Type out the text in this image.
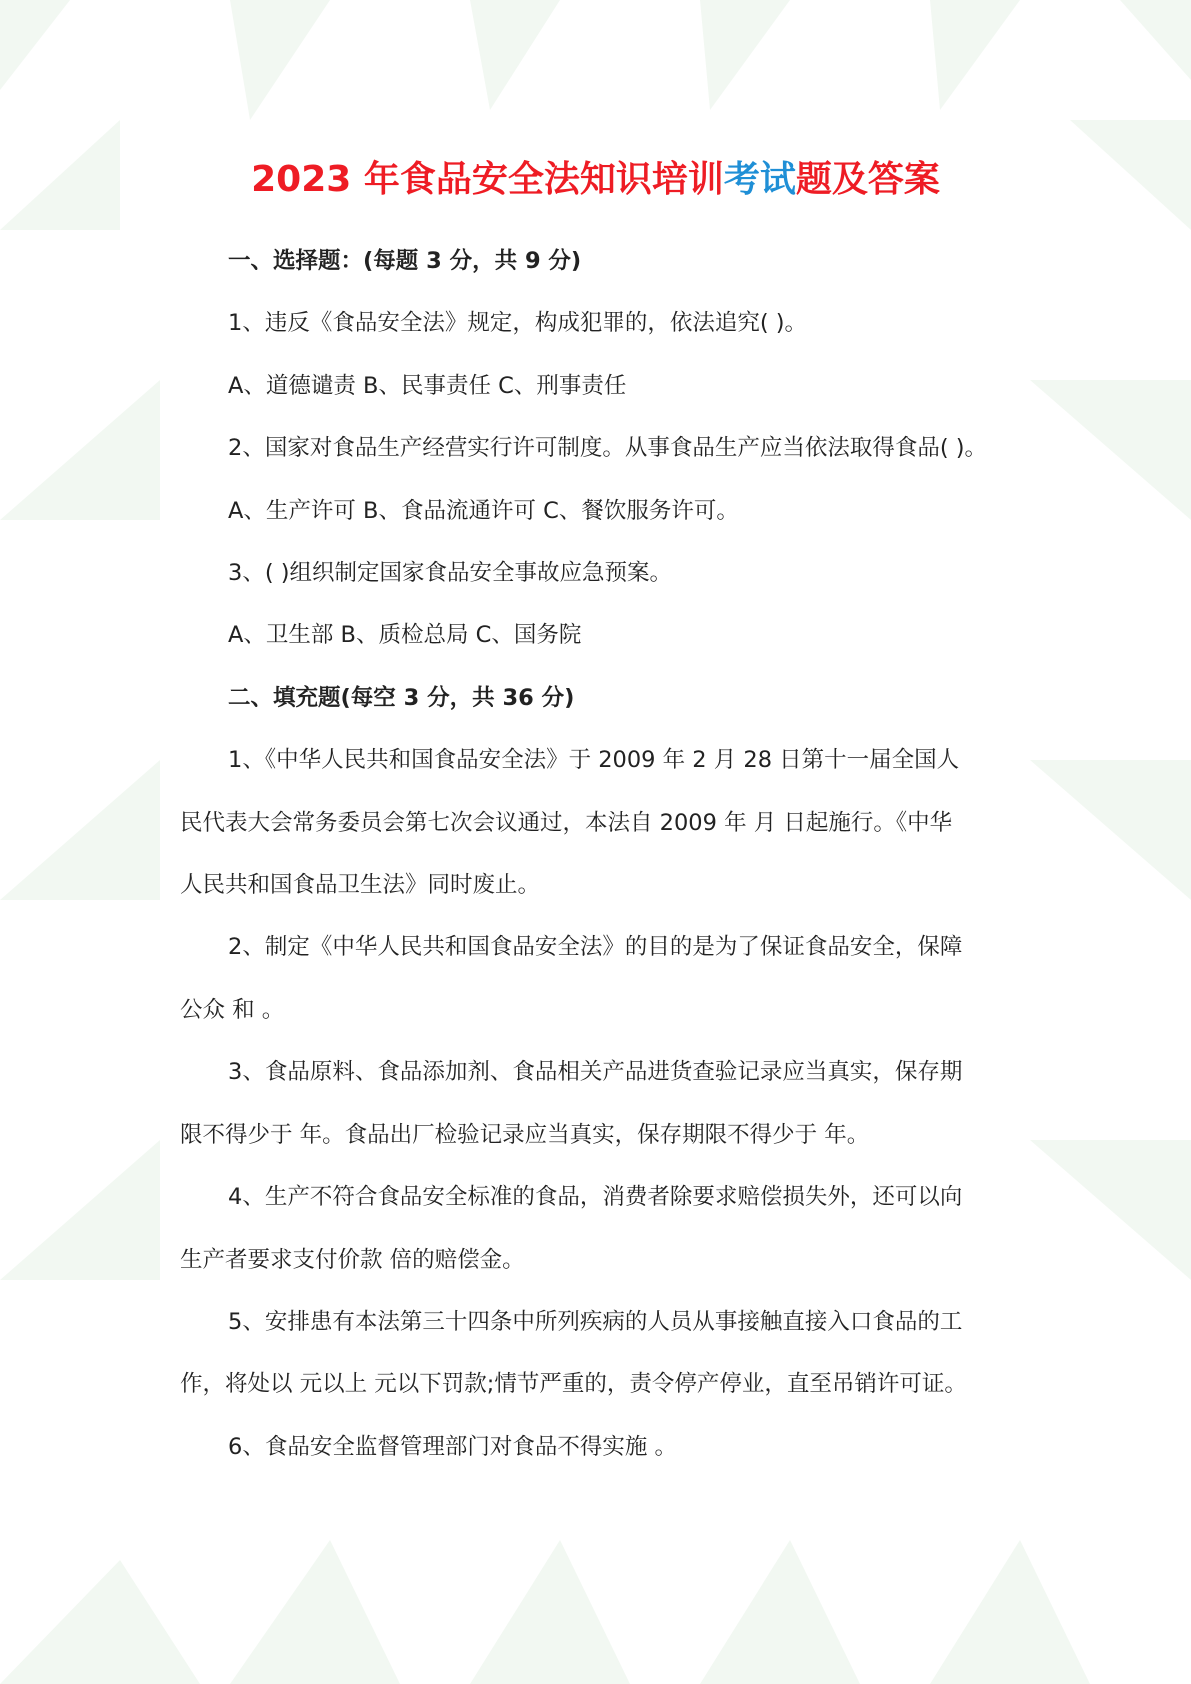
2023 年食品安全法知识培训考试题及答案

一、选择题：(每题 3 分，共 9 分)

1、违反《食品安全法》规定，构成犯罪的，依法追究( )。

A、道德谴责 B、民事责任 C、刑事责任

2、国家对食品生产经营实行许可制度。从事食品生产应当依法取得食品( )。

A、生产许可 B、食品流通许可 C、餐饮服务许可。

3、( )组织制定国家食品安全事故应急预案。

A、卫生部 B、质检总局 C、国务院

二、填充题(每空 3 分，共 36 分)

1、《中华人民共和国食品安全法》于 2009 年 2 月 28 日第十一届全国人

民代表大会常务委员会第七次会议通过，本法自 2009 年 月 日起施行。《中华

人民共和国食品卫生法》同时废止。

2、制定《中华人民共和国食品安全法》的目的是为了保证食品安全，保障

公众 和 。

3、食品原料、食品添加剂、食品相关产品进货查验记录应当真实，保存期

限不得少于 年。食品出厂检验记录应当真实，保存期限不得少于 年。

4、生产不符合食品安全标准的食品，消费者除要求赔偿损失外，还可以向

生产者要求支付价款 倍的赔偿金。

5、安排患有本法第三十四条中所列疾病的人员从事接触直接入口食品的工

作，将处以 元以上 元以下罚款;情节严重的，责令停产停业，直至吊销许可证。

6、食品安全监督管理部门对食品不得实施 。
